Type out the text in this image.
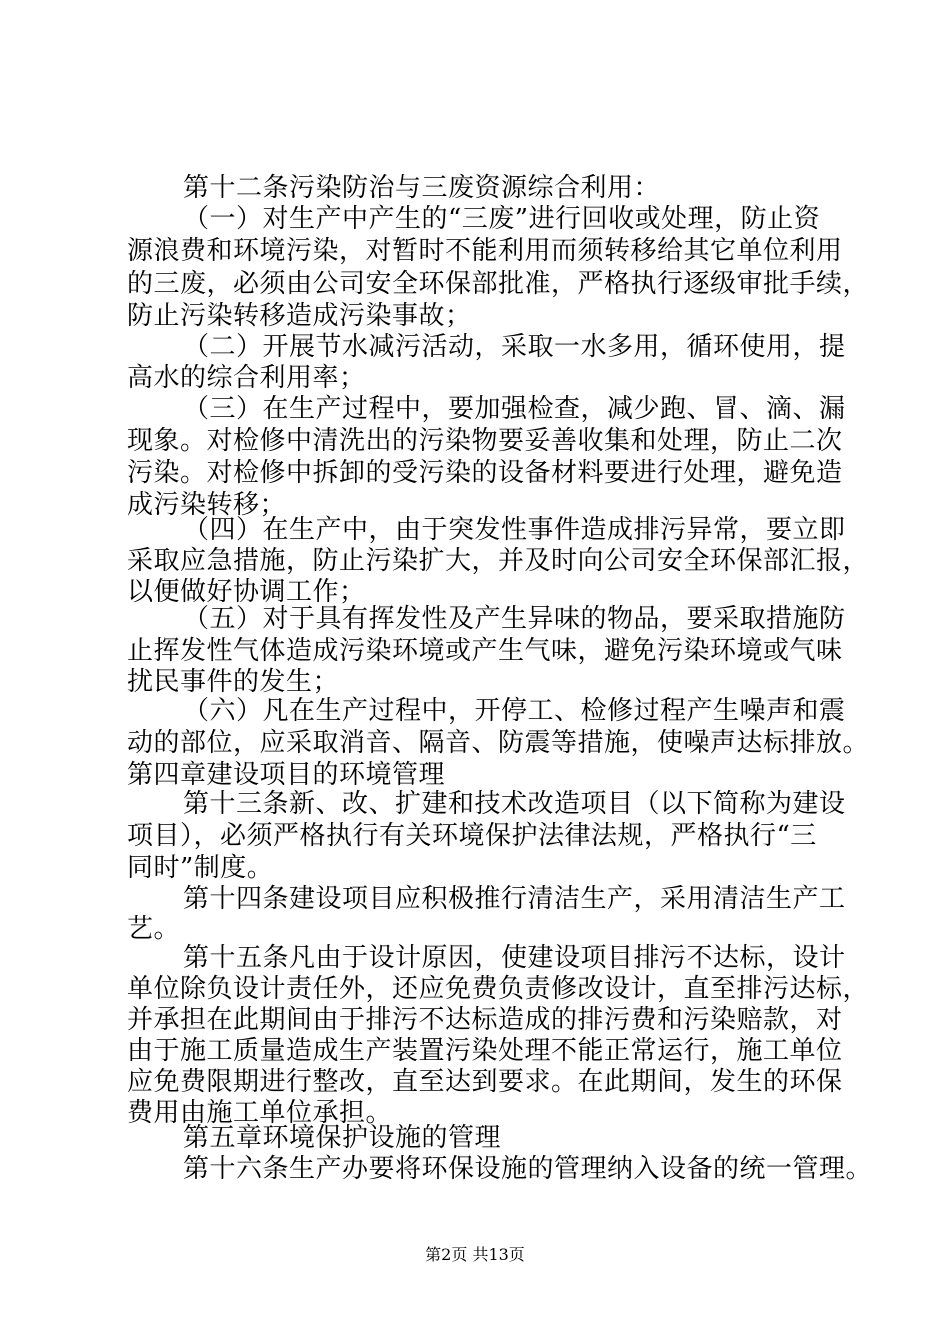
第十二条污染防治与三废资源综合利用：
（一）对生产中产生的“三废”进行回收或处理，防止资
源浪费和环境污染，对暂时不能利用而须转移给其它单位利用
的三废，必须由公司安全环保部批准，严格执行逐级审批手续，
防止污染转移造成污染事故；
（二）开展节水减污活动，采取一水多用，循环使用，提
高水的综合利用率；
（三）在生产过程中，要加强检查，减少跑、冒、滴、漏
现象。对检修中清洗出的污染物要妥善收集和处理，防止二次
污染。对检修中拆卸的受污染的设备材料要进行处理，避免造
成污染转移；
（四）在生产中，由于突发性事件造成排污异常，要立即
采取应急措施，防止污染扩大，并及时向公司安全环保部汇报，
以便做好协调工作；
（五）对于具有挥发性及产生异味的物品，要采取措施防
止挥发性气体造成污染环境或产生气味，避免污染环境或气味
扰民事件的发生；
（六）凡在生产过程中，开停工、检修过程产生噪声和震
动的部位，应采取消音、隔音、防震等措施，使噪声达标排放。
第四章建设项目的环境管理
第十三条新、改、扩建和技术改造项目（以下简称为建设
项目），必须严格执行有关环境保护法律法规，严格执行“三
同时”制度。
第十四条建设项目应积极推行清洁生产，采用清洁生产工
艺。
第十五条凡由于设计原因，使建设项目排污不达标，设计
单位除负设计责任外，还应免费负责修改设计，直至排污达标，
并承担在此期间由于排污不达标造成的排污费和污染赔款，对
由于施工质量造成生产装置污染处理不能正常运行，施工单位
应免费限期进行整改，直至达到要求。在此期间，发生的环保
费用由施工单位承担。
第五章环境保护设施的管理
第十六条生产办要将环保设施的管理纳入设备的统一管理。
第2页 共13页
